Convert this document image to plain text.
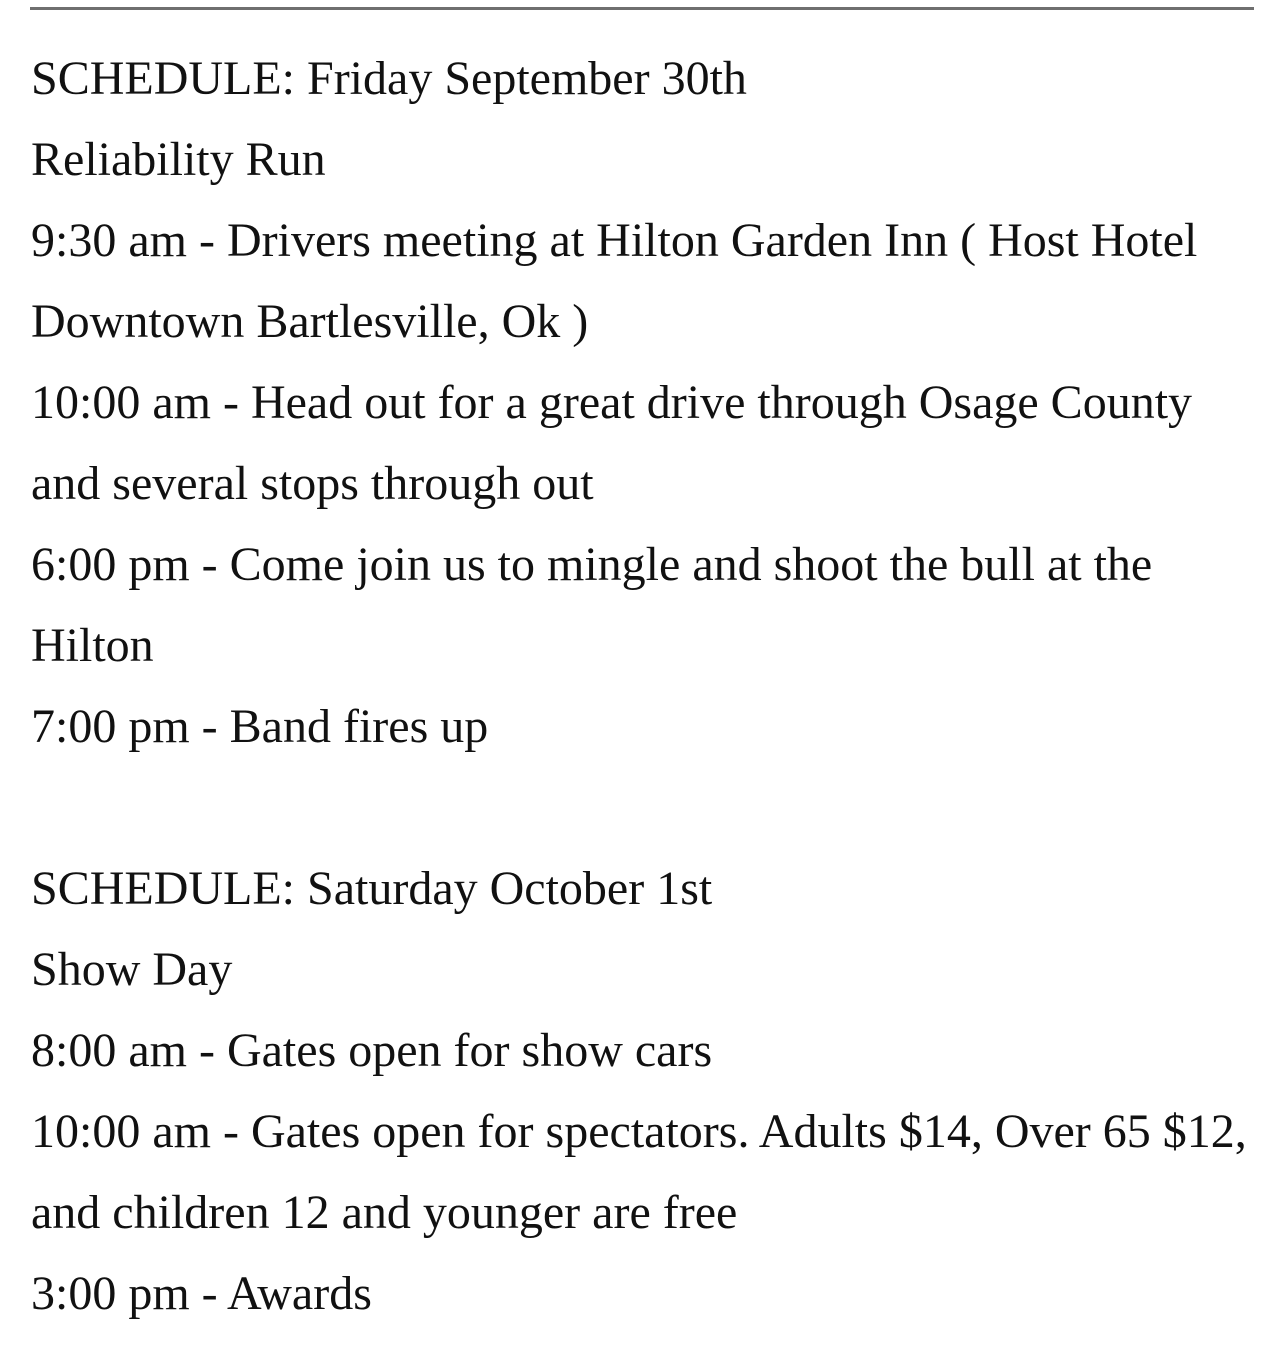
SCHEDULE: Friday September 30th

Reliability Run

9:30 am - Drivers meeting at Hilton Garden Inn ( Host Hotel Downtown Bartlesville, Ok )

10:00 am - Head out for a great drive through Osage County and several stops through out

6:00 pm - Come join us to mingle and shoot the bull at the Hilton

7:00 pm - Band fires up

SCHEDULE: Saturday October 1st

Show Day

8:00 am - Gates open for show cars

10:00 am - Gates open for spectators. Adults $14, Over 65 $12, and children 12 and younger are free

3:00 pm - Awards
